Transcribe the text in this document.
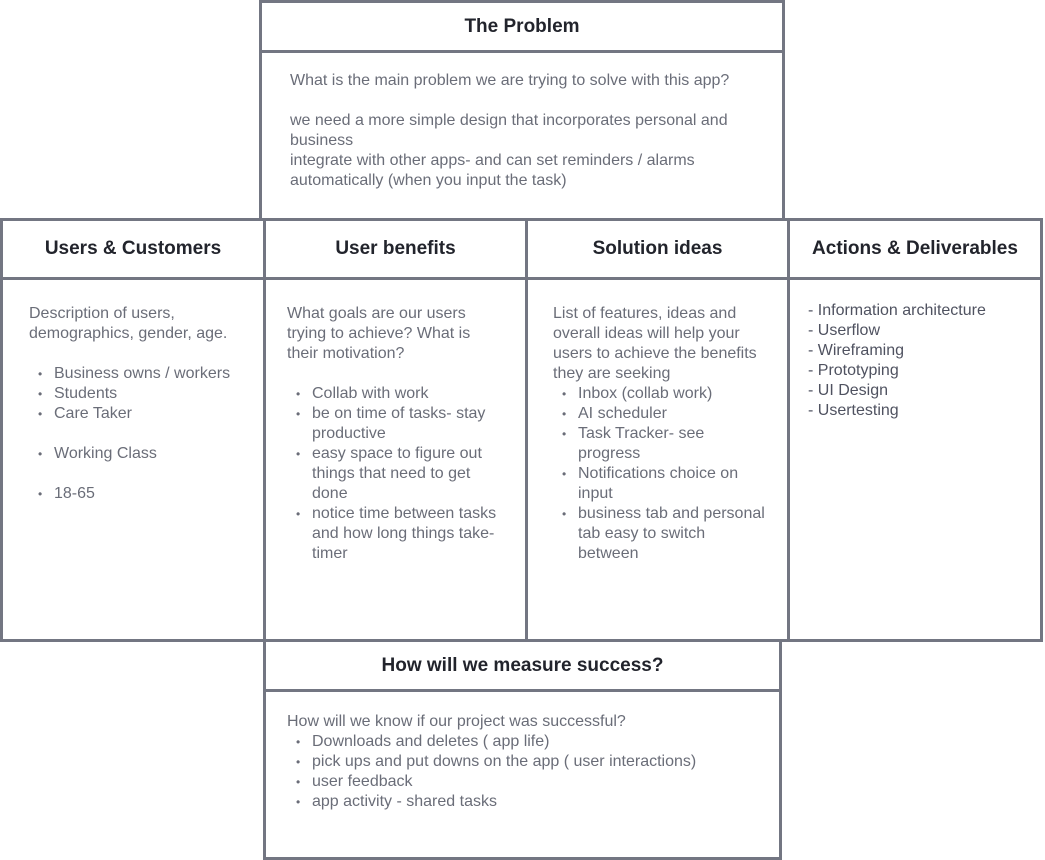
The Problem

What is the main problem we are trying to solve with this app?

we need a more simple design that incorporates personal and business
integrate with other apps- and can set reminders / alarms automatically (when you input the task)

Users & Customers

Description of users, demographics, gender, age.

• Business owns / workers
• Students
• Care Taker
• Working Class
• 18-65
User benefits

What goals are our users trying to achieve? What is their motivation?

• Collab with work
• be on time of tasks- stay productive
• easy space to figure out things that need to get done
• notice time between tasks and how long things take- timer
Solution ideas

List of features, ideas and overall ideas will help your users to achieve the benefits they are seeking

• Inbox (collab work)
• AI scheduler
• Task Tracker- see progress
• Notifications choice on input
• business tab and personal tab easy to switch between
Actions & Deliverables
- Information architecture
- Userflow
- Wireframing
- Prototyping
- UI Design
- Usertesting
How will we measure success?

How will we know if our project was successful?

• Downloads and deletes ( app life)
• pick ups and put downs on the app ( user interactions)
• user feedback
• app activity - shared tasks
